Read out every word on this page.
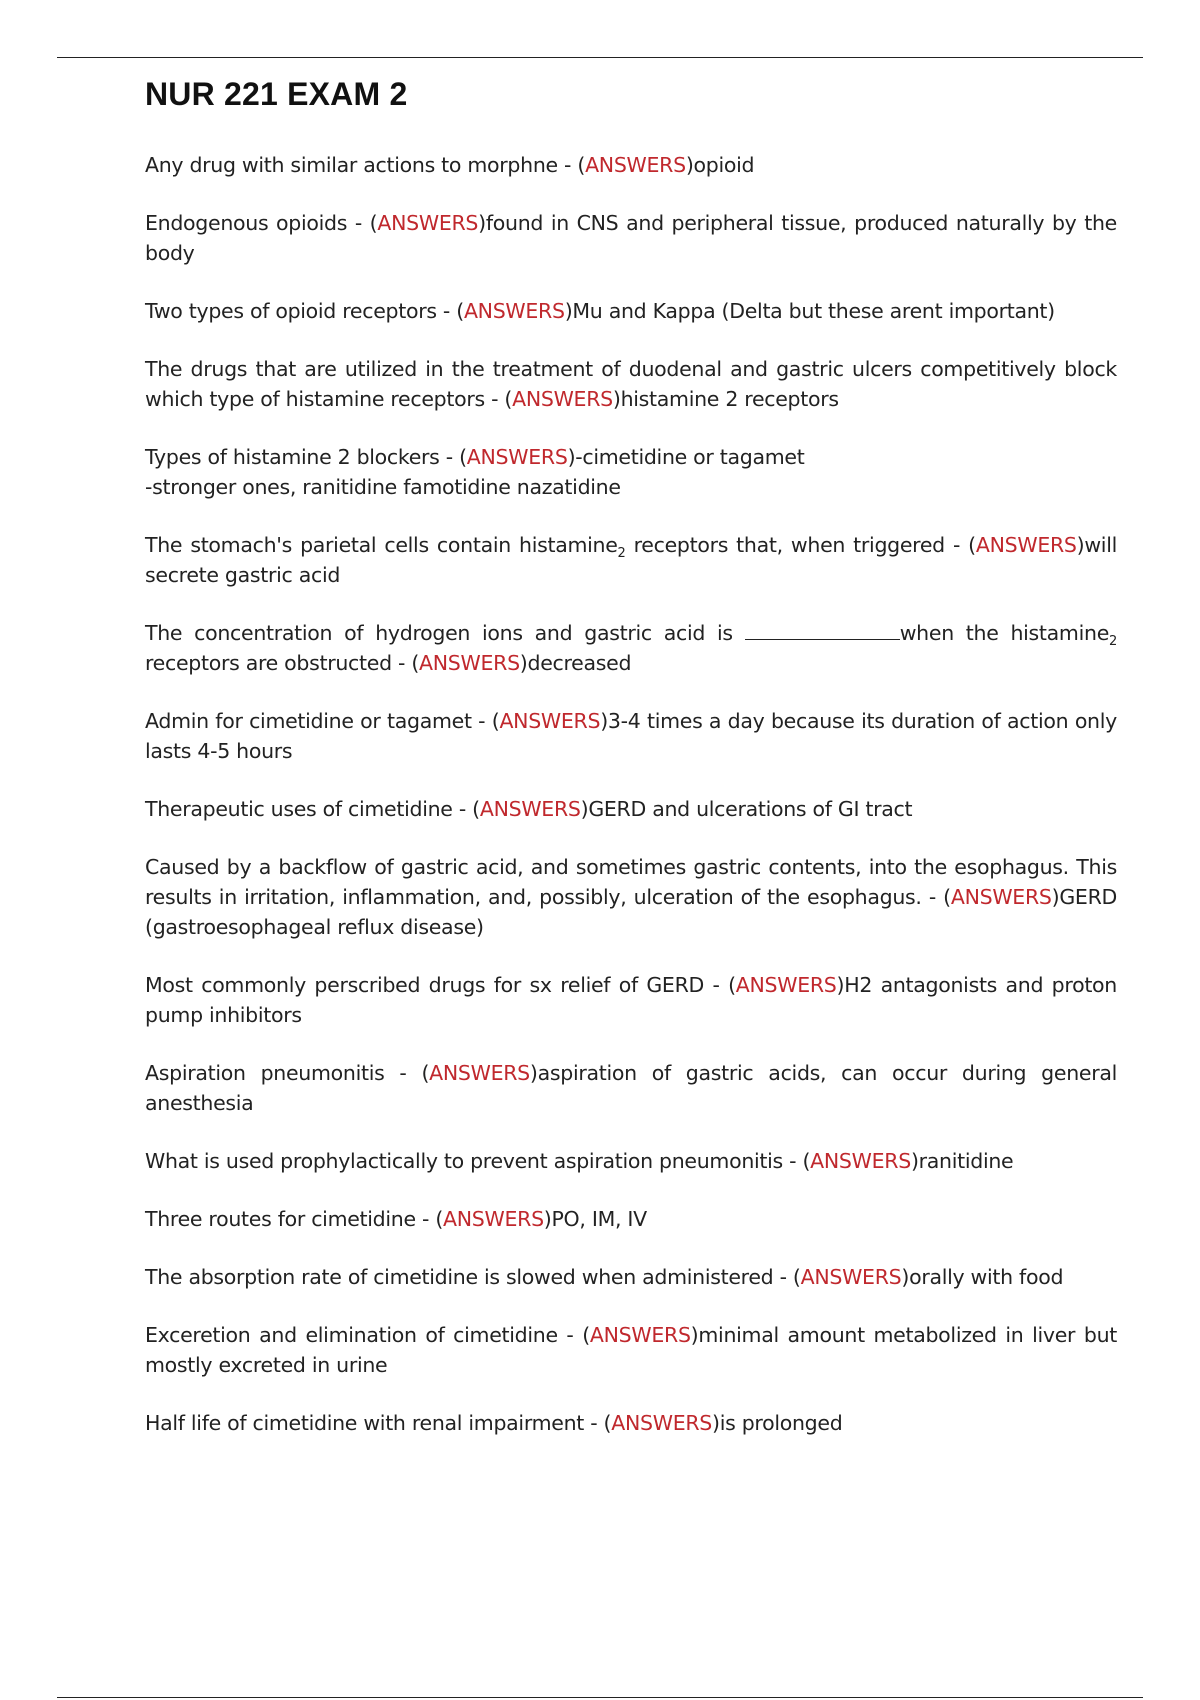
NUR 221 EXAM 2

Any drug with similar actions to morphne - (ANSWERS)opioid

Endogenous opioids - (ANSWERS)found in CNS and peripheral tissue, produced naturally by the body

Two types of opioid receptors - (ANSWERS)Mu and Kappa (Delta but these arent important)

The drugs that are utilized in the treatment of duodenal and gastric ulcers competitively block which type of histamine receptors - (ANSWERS)histamine 2 receptors

Types of histamine 2 blockers - (ANSWERS)-cimetidine or tagamet
-stronger ones, ranitidine famotidine nazatidine

The stomach's parietal cells contain histamine$_2$ receptors that, when triggered - (ANSWERS)will secrete gastric acid

The concentration of hydrogen ions and gastric acid is	when the histamine$_2$ receptors are obstructed - (ANSWERS)decreased

Admin for cimetidine or tagamet - (ANSWERS)3-4 times a day because its duration of action only lasts 4-5 hours

Therapeutic uses of cimetidine - (ANSWERS)GERD and ulcerations of GI tract

Caused by a backflow of gastric acid, and sometimes gastric contents, into the esophagus. This results in irritation, inflammation, and, possibly, ulceration of the esophagus. - (ANSWERS)GERD (gastroesophageal reflux disease)

Most commonly perscribed drugs for sx relief of GERD - (ANSWERS)H2 antagonists and proton pump inhibitors

Aspiration pneumonitis - (ANSWERS)aspiration of gastric acids, can occur during general anesthesia

What is used prophylactically to prevent aspiration pneumonitis - (ANSWERS)ranitidine

Three routes for cimetidine - (ANSWERS)PO, IM, IV

The absorption rate of cimetidine is slowed when administered - (ANSWERS)orally with food

Exceretion and elimination of cimetidine - (ANSWERS)minimal amount metabolized in liver but mostly excreted in urine

Half life of cimetidine with renal impairment - (ANSWERS)is prolonged
